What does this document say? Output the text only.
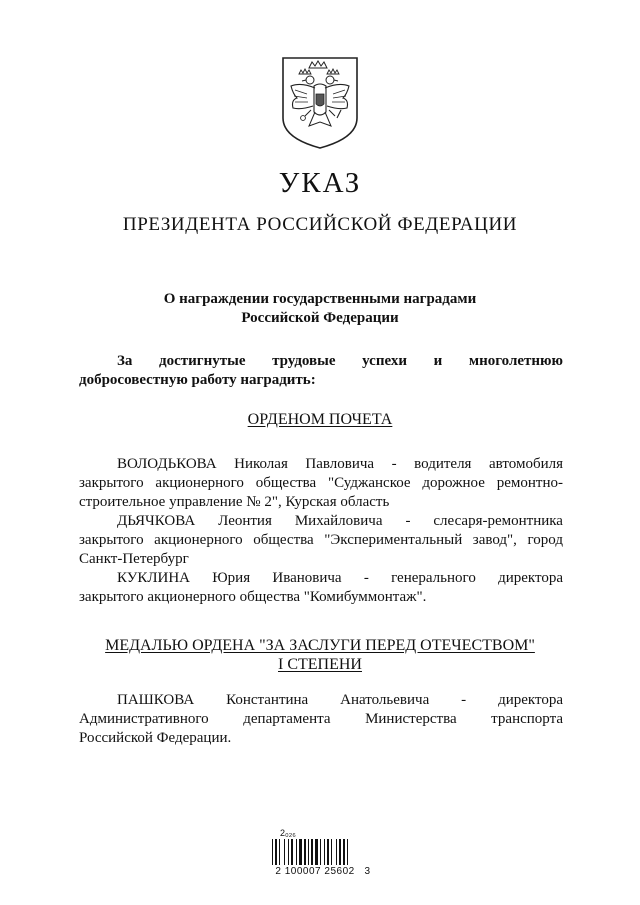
УКАЗ
ПРЕЗИДЕНТА РОССИЙСКОЙ ФЕДЕРАЦИИ
О награждении государственными наградами
Российской Федерации
За достигнутые трудовые успехи и многолетнюю
добросовестную работу наградить:
ОРДЕНОМ ПОЧЕТА
ВОЛОДЬКОВА Николая Павловича - водителя автомобиля
закрытого акционерного общества "Суджанское дорожное ремонтно-
строительное управление № 2", Курская область
ДЬЯЧКОВА Леонтия Михайловича - слесаря-ремонтника
закрытого акционерного общества "Экспериментальный завод", город
Санкт-Петербург
КУКЛИНА Юрия Ивановича - генерального директора
закрытого акционерного общества "Комибуммонтаж".
МЕДАЛЬЮ ОРДЕНА "ЗА ЗАСЛУГИ ПЕРЕД ОТЕЧЕСТВОМ"
I СТЕПЕНИ
ПАШКОВА Константина Анатольевича - директора
Административного департамента Министерства транспорта
Российской Федерации.
2₀₂₆
2 100007 25602   3
